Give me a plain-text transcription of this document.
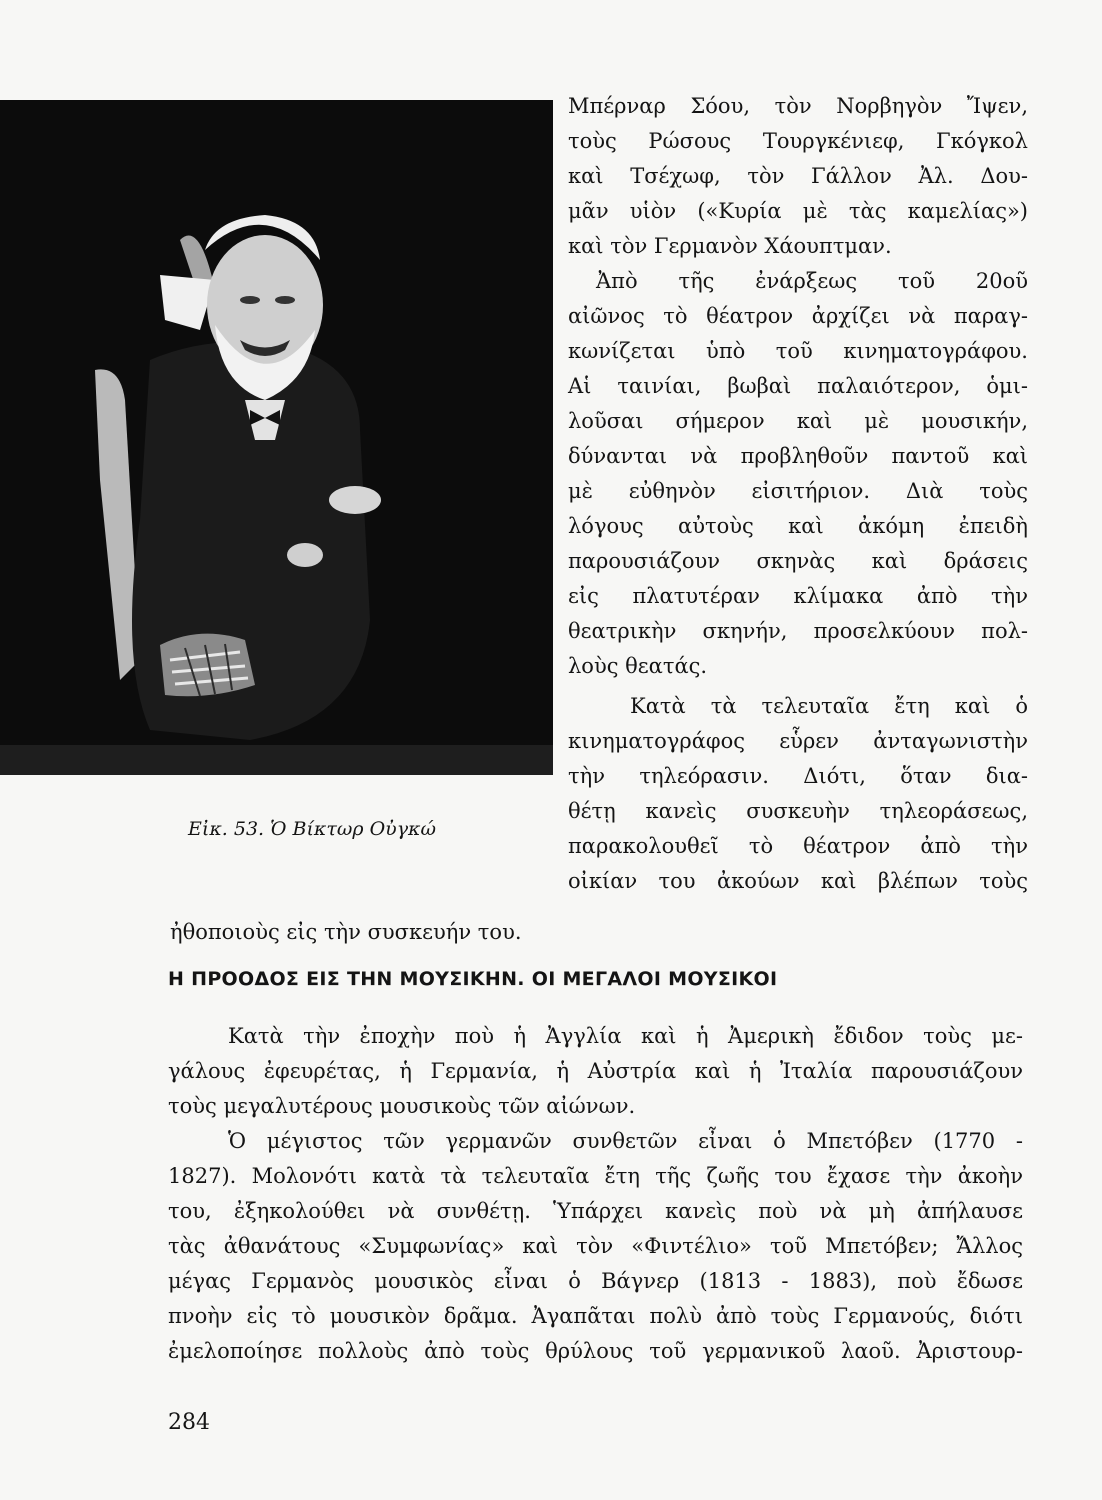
Εἰκ. 53. Ὁ Βίκτωρ Οὐγκώ
Μπέρναρ Σόου, τὸν Νορβηγὸν Ἴψεν,
τοὺς Ρώσους Τουργκένιεφ, Γκόγκολ
καὶ Τσέχωφ, τὸν Γάλλον Ἀλ. Δου-
μᾶν υἱὸν («Κυρία μὲ τὰς καμελίας»)
καὶ τὸν Γερμανὸν Χάουπτμαν.
Ἀπὸ τῆς ἐνάρξεως τοῦ 20οῦ
αἰῶνος τὸ θέατρον ἀρχίζει νὰ παραγ-
κωνίζεται ὑπὸ τοῦ κινηματογράφου.
Αἱ ταινίαι, βωβαὶ παλαιότερον, ὁμι-
λοῦσαι σήμερον καὶ μὲ μουσικήν,
δύνανται νὰ προβληθοῦν παντοῦ καὶ
μὲ εὐθηνὸν εἰσιτήριον. Διὰ τοὺς
λόγους αὐτοὺς καὶ ἀκόμη ἐπειδὴ
παρουσιάζουν σκηνὰς καὶ δράσεις
εἰς πλατυτέραν κλίμακα ἀπὸ τὴν
θεατρικὴν σκηνήν, προσελκύουν πολ-
λοὺς θεατάς.
Κατὰ τὰ τελευταῖα ἔτη καὶ ὁ
κινηματογράφος εὗρεν ἀνταγωνιστὴν
τὴν τηλεόρασιν. Διότι, ὅταν δια-
θέτῃ κανεὶς συσκευὴν τηλεοράσεως,
παρακολουθεῖ τὸ θέατρον ἀπὸ τὴν
οἰκίαν του ἀκούων καὶ βλέπων τοὺς
ἠθοποιοὺς εἰς τὴν συσκευήν του.
Η ΠΡΟΟΔΟΣ ΕΙΣ ΤΗΝ ΜΟΥΣΙΚΗΝ. ΟΙ ΜΕΓΑΛΟΙ ΜΟΥΣΙΚΟΙ
Κατὰ τὴν ἐποχὴν ποὺ ἡ Ἀγγλία καὶ ἡ Ἀμερικὴ ἔδιδον τοὺς με-
γάλους ἐφευρέτας, ἡ Γερμανία, ἡ Αὐστρία καὶ ἡ Ἰταλία παρουσιάζουν
τοὺς μεγαλυτέρους μουσικοὺς τῶν αἰώνων.
Ὁ μέγιστος τῶν γερμανῶν συνθετῶν εἶναι ὁ Μπετόβεν (1770 -
1827). Μολονότι κατὰ τὰ τελευταῖα ἔτη τῆς ζωῆς του ἔχασε τὴν ἀκοὴν
του, ἐξηκολούθει νὰ συνθέτῃ. Ὑπάρχει κανεὶς ποὺ νὰ μὴ ἀπήλαυσε
τὰς ἀθανάτους «Συμφωνίας» καὶ τὸν «Φιντέλιο» τοῦ Μπετόβεν; Ἄλλος
μέγας Γερμανὸς μουσικὸς εἶναι ὁ Βάγνερ (1813 - 1883), ποὺ ἔδωσε
πνοὴν εἰς τὸ μουσικὸν δρᾶμα. Ἀγαπᾶται πολὺ ἀπὸ τοὺς Γερμανούς, διότι
ἐμελοποίησε πολλοὺς ἀπὸ τοὺς θρύλους τοῦ γερμανικοῦ λαοῦ. Ἀριστουρ-
284
